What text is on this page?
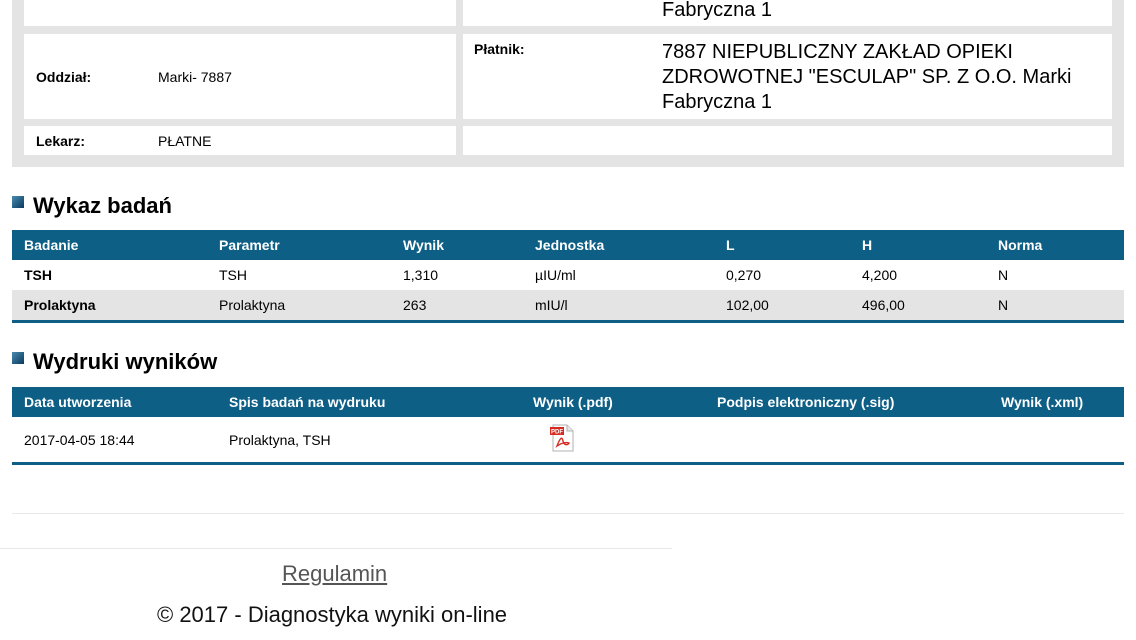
Fabryczna 1
Oddział:	Marki- 7887
Płatnik:	7887 NIEPUBLICZNY ZAKŁAD OPIEKI
ZDROWOTNEJ "ESCULAP" SP. Z O.O. Marki
Fabryczna 1
Lekarz:	PŁATNE
Wykaz badań
Badanie	Parametr	Wynik	Jednostka	L	H	Norma
TSH	TSH	1,310	µIU/ml	0,270	4,200	N
Prolaktyna	Prolaktyna	263	mIU/l	102,00	496,00	N
Wydruki wyników
Data utworzenia	Spis badań na wydruku	Wynik (.pdf)	Podpis elektroniczny (.sig)	Wynik (.xml)
2017-04-05 18:44	Prolaktyna, TSH	PDF		

Regulamin
© 2017 - Diagnostyka wyniki on-line
